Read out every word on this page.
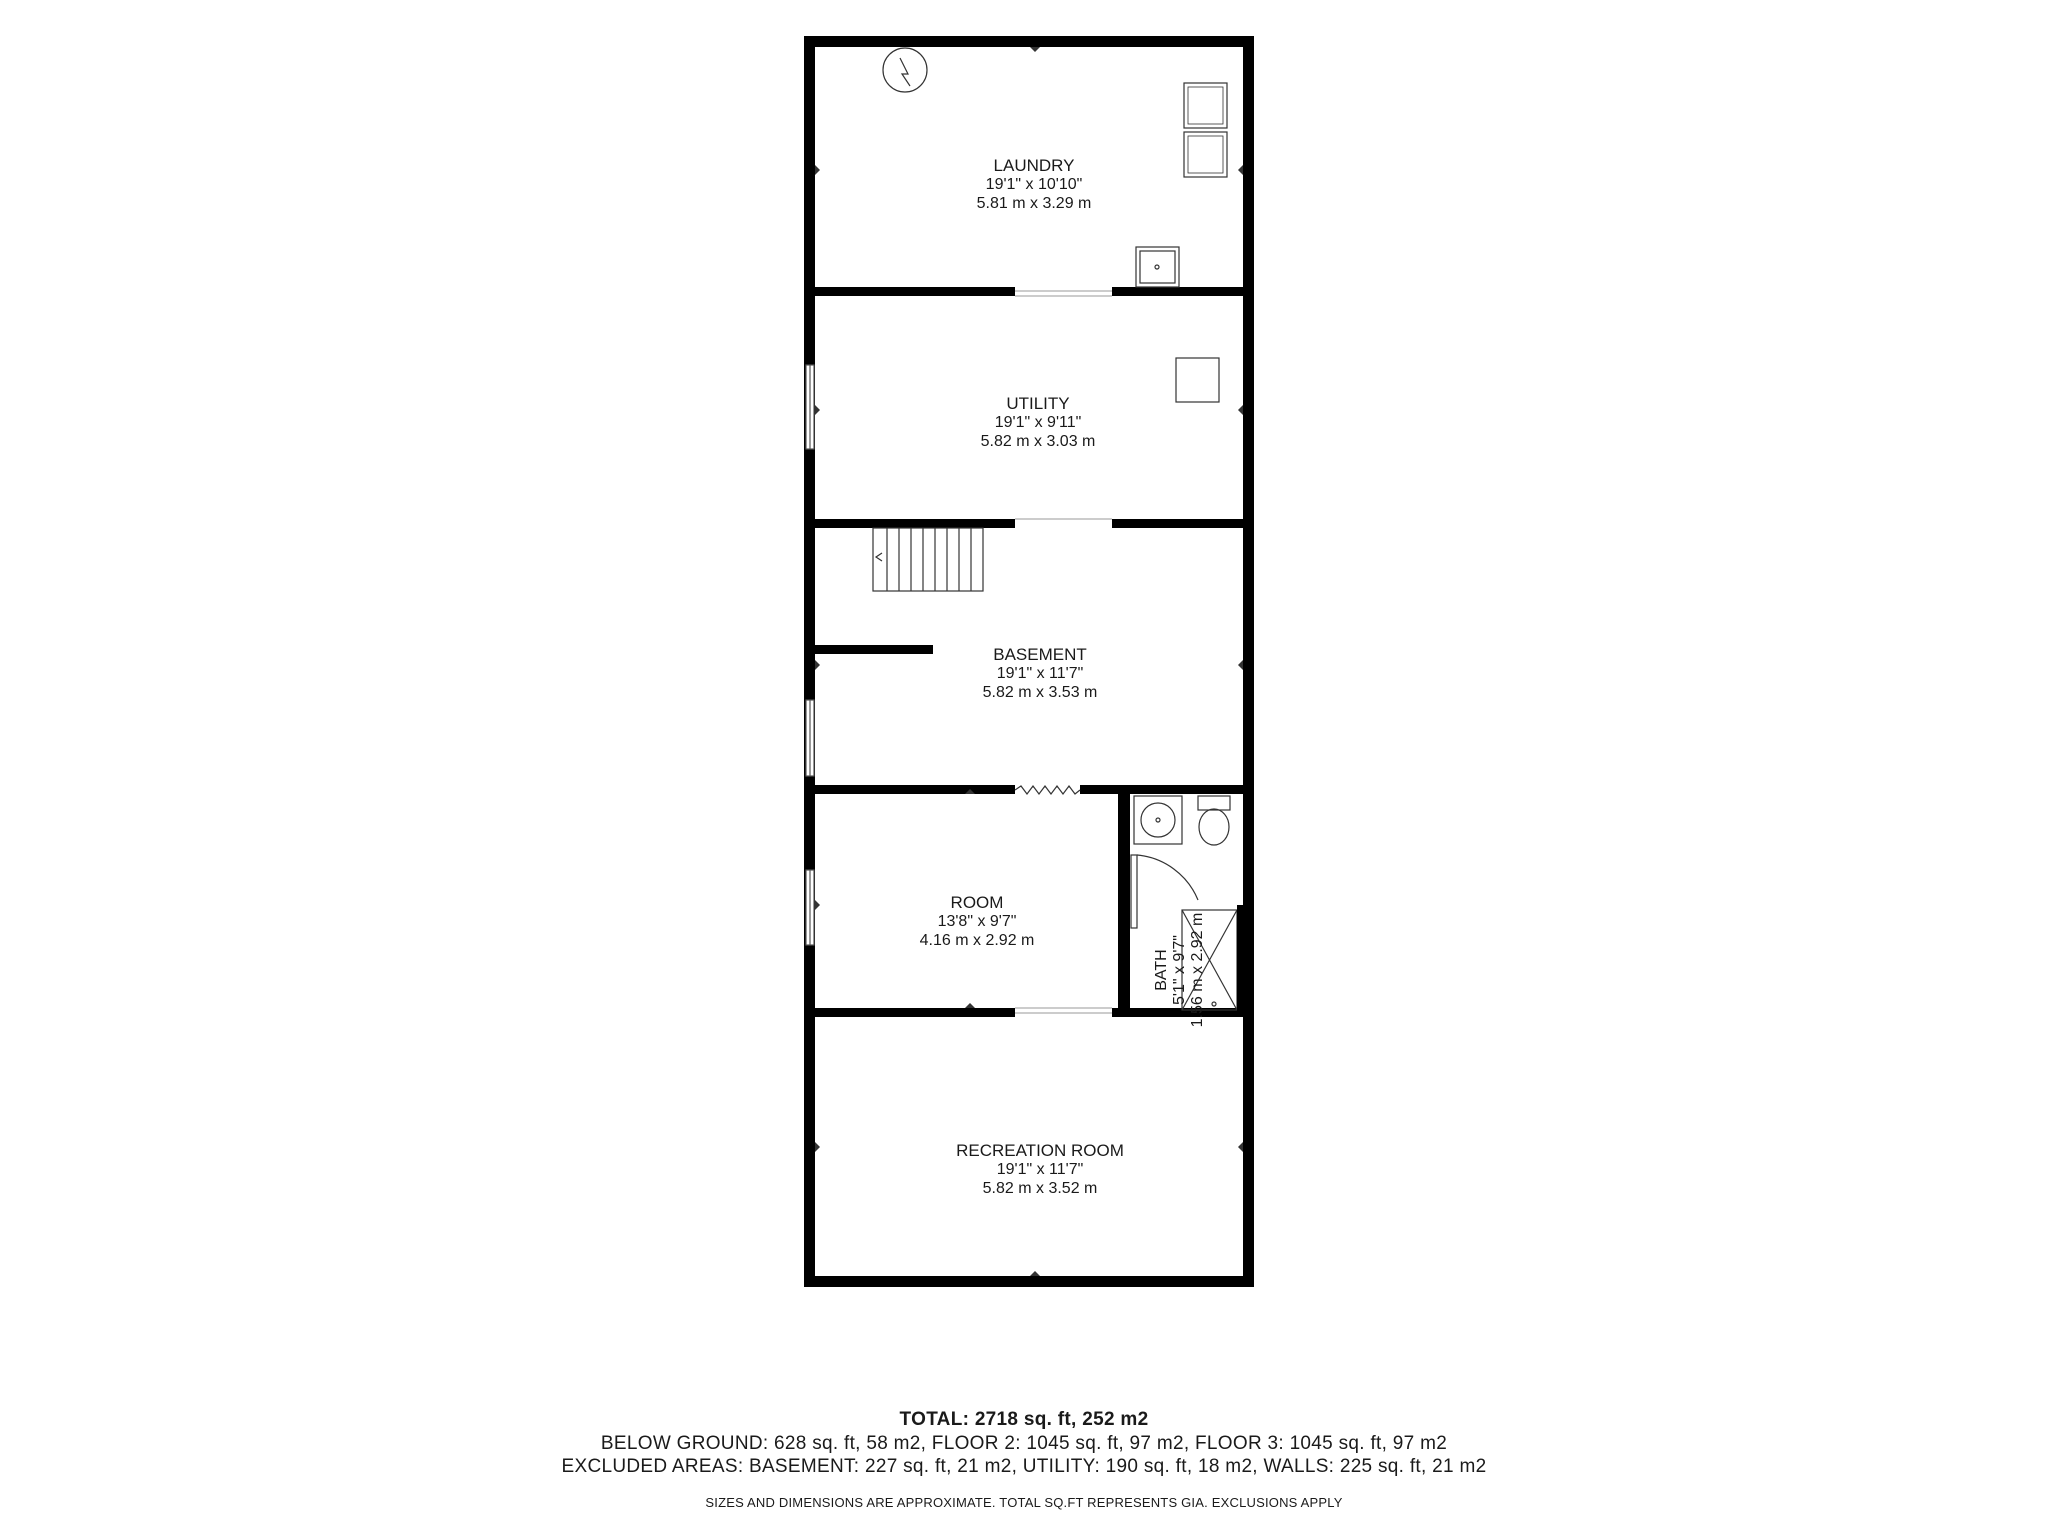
LAUNDRY
19'1" x 10'10"
5.81 m x 3.29 m
UTILITY
19'1" x 9'11"
5.82 m x 3.03 m
BASEMENT
19'1" x 11'7"
5.82 m x 3.53 m
ROOM
13'8" x 9'7"
4.16 m x 2.92 m
BATH 5'1" x 9'7" 1.56 m x 2.92 m
RECREATION ROOM
19'1" x 11'7"
5.82 m x 3.52 m
TOTAL: 2718 sq. ft, 252 m2
BELOW GROUND: 628 sq. ft, 58 m2, FLOOR 2: 1045 sq. ft, 97 m2, FLOOR 3: 1045 sq. ft, 97 m2
EXCLUDED AREAS: BASEMENT: 227 sq. ft, 21 m2, UTILITY: 190 sq. ft, 18 m2, WALLS: 225 sq. ft, 21 m2
SIZES AND DIMENSIONS ARE APPROXIMATE. TOTAL SQ.FT REPRESENTS GIA. EXCLUSIONS APPLY
